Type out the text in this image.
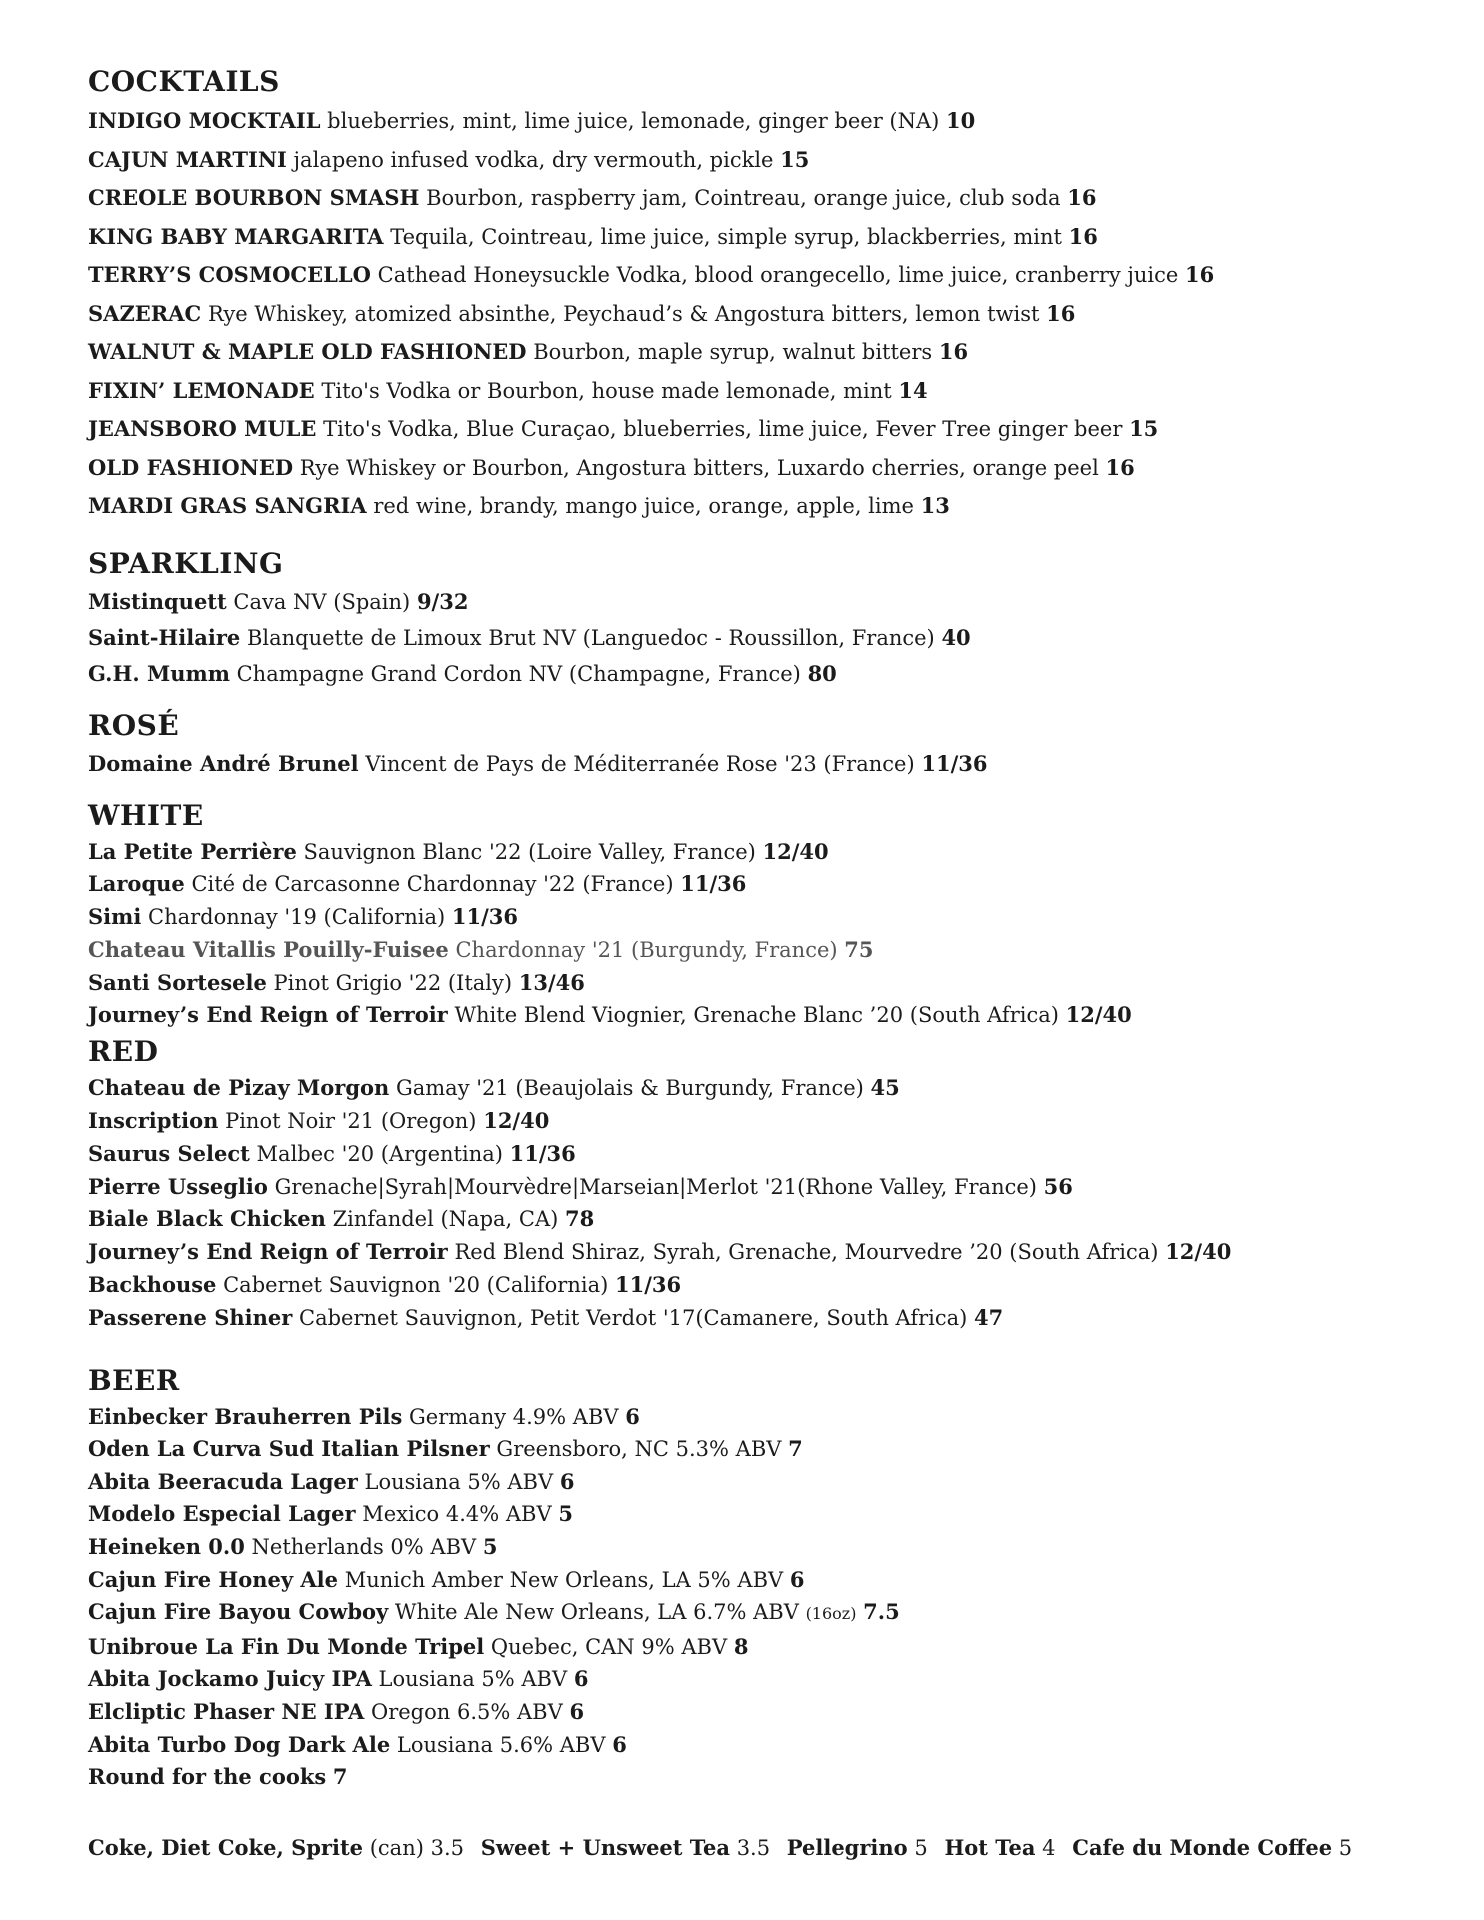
COCKTAILS
INDIGO MOCKTAIL blueberries, mint, lime juice, lemonade, ginger beer (NA) 10
CAJUN MARTINI jalapeno infused vodka, dry vermouth, pickle 15
CREOLE BOURBON SMASH Bourbon, raspberry jam, Cointreau, orange juice, club soda 16
KING BABY MARGARITA Tequila, Cointreau, lime juice, simple syrup, blackberries, mint 16
TERRY’S COSMOCELLO Cathead Honeysuckle Vodka, blood orangecello, lime juice, cranberry juice 16
SAZERAC Rye Whiskey, atomized absinthe, Peychaud’s & Angostura bitters, lemon twist 16
WALNUT & MAPLE OLD FASHIONED Bourbon, maple syrup, walnut bitters 16
FIXIN’ LEMONADE Tito's Vodka or Bourbon, house made lemonade, mint 14
JEANSBORO MULE Tito's Vodka, Blue Curaçao, blueberries, lime juice, Fever Tree ginger beer 15
OLD FASHIONED Rye Whiskey or Bourbon, Angostura bitters, Luxardo cherries, orange peel 16
MARDI GRAS SANGRIA red wine, brandy, mango juice, orange, apple, lime 13
SPARKLING
Mistinquett Cava NV (Spain) 9/32
Saint-Hilaire Blanquette de Limoux Brut NV (Languedoc - Roussillon, France) 40
G.H. Mumm Champagne Grand Cordon NV (Champagne, France) 80
ROSÉ
Domaine André Brunel Vincent de Pays de Méditerranée Rose '23 (France) 11/36
WHITE
La Petite Perrière Sauvignon Blanc '22 (Loire Valley, France) 12/40
Laroque Cité de Carcasonne Chardonnay '22 (France) 11/36
Simi Chardonnay '19 (California) 11/36
Chateau Vitallis Pouilly-Fuisee Chardonnay '21 (Burgundy, France) 75
Santi Sortesele Pinot Grigio '22 (Italy) 13/46
Journey’s End Reign of Terroir White Blend Viognier, Grenache Blanc ’20 (South Africa) 12/40
RED
Chateau de Pizay Morgon Gamay '21 (Beaujolais & Burgundy, France) 45
Inscription Pinot Noir '21 (Oregon) 12/40
Saurus Select Malbec '20 (Argentina) 11/36
Pierre Usseglio Grenache|Syrah|Mourvèdre|Marseian|Merlot '21(Rhone Valley, France) 56
Biale Black Chicken Zinfandel (Napa, CA) 78
Journey’s End Reign of Terroir Red Blend Shiraz, Syrah, Grenache, Mourvedre ’20 (South Africa) 12/40
Backhouse Cabernet Sauvignon '20 (California) 11/36
Passerene Shiner Cabernet Sauvignon, Petit Verdot '17(Camanere, South Africa) 47
BEER
Einbecker Brauherren Pils Germany 4.9% ABV 6
Oden La Curva Sud Italian Pilsner Greensboro, NC 5.3% ABV 7
Abita Beeracuda Lager Lousiana 5% ABV 6
Modelo Especial Lager Mexico 4.4% ABV 5
Heineken 0.0 Netherlands 0% ABV 5
Cajun Fire Honey Ale Munich Amber New Orleans, LA 5% ABV 6
Cajun Fire Bayou Cowboy White Ale New Orleans, LA 6.7% ABV (16oz) 7.5
Unibroue La Fin Du Monde Tripel Quebec, CAN 9% ABV 8
Abita Jockamo Juicy IPA Lousiana 5% ABV 6
Elcliptic Phaser NE IPA Oregon 6.5% ABV 6
Abita Turbo Dog Dark Ale Lousiana 5.6% ABV 6
Round for the cooks 7
Coke, Diet Coke, Sprite (can) 3.5 Sweet + Unsweet Tea 3.5 Pellegrino 5 Hot Tea 4 Cafe du Monde Coffee 5
